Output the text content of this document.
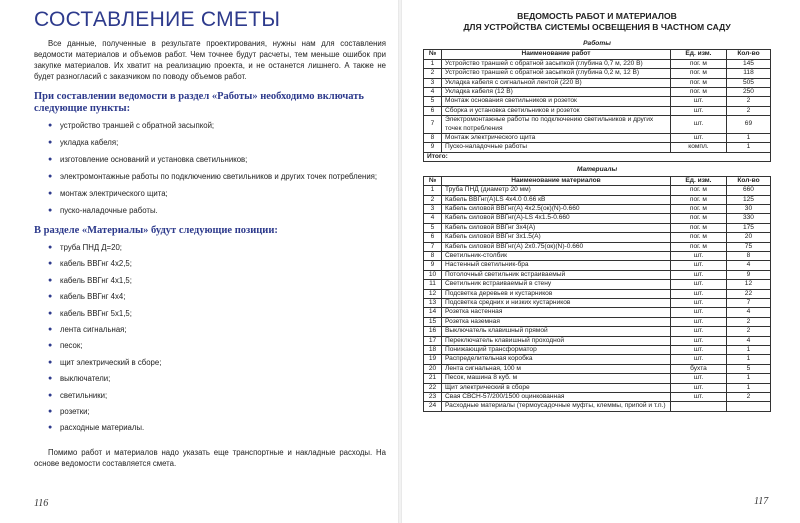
СОСТАВЛЕНИЕ СМЕТЫ

Все данные, полученные в результате проектирования, нужны нам для составления ведомости материалов и объемов работ. Чем точнее будут расчеты, тем меньше ошибок при закупке материалов. Их хватит на реализацию проекта, и не останется лишнего. А также не будет разногласий с заказчиком по поводу объемов работ.

При составлении ведомости в раздел «Работы» необходимо включать следующие пункты:
● устройство траншей с обратной засыпкой;
● укладка кабеля;
● изготовление оснований и установка светильников;
● электромонтажные работы по подключению светильников и других точек потребления;
● монтаж электрического щита;
● пуско-наладочные работы.
В разделе «Материалы» будут следующие позиции:
● труба ПНД Д=20;
● кабель ВВГнг 4х2,5;
● кабель ВВГнг 4х1,5;
● кабель ВВГнг 4х4;
● кабель ВВГнг 5х1,5;
● лента сигнальная;
● песок;
● щит электрический в сборе;
● выключатели;
● светильники;
● розетки;
● расходные материалы.

Помимо работ и материалов надо указать еще транспортные и накладные расходы. На основе ведомости составляется смета.

116
ВЕДОМОСТЬ РАБОТ И МАТЕРИАЛОВ
ДЛЯ УСТРОЙСТВА СИСТЕМЫ ОСВЕЩЕНИЯ В ЧАСТНОМ САДУ
Работы			
№	Наименование работ	Ед. изм.	Кол-во
1	Устройство траншей с обратной засыпкой (глубина 0,7 м, 220 В)	пог. м	145
2	Устройство траншей с обратной засыпкой (глубина 0,2 м, 12 В)	пог. м	118
3	Укладка кабеля с сигнальной лентой (220 В)	пог. м	505
4	Укладка кабеля (12 В)	пог. м	250
5	Монтаж основания светильников и розеток	шт.	2
6	Сборка и установка светильников и розеток	шт.	2
7	Электромонтажные работы по подключению светильников и других точек потребления	шт.	69
8	Монтаж электрического щита	шт.	1
9	Пуско-наладочные работы	компл.	1
Итого:			
Материалы			
№	Наименование материалов	Ед. изм.	Кол-во
1	Труба ПНД (диаметр 20 мм)	пог. м	660
2	Кабель ВВГнг(А)LS 4х4.0 0.66 кВ	пог. м	125
3	Кабель силовой ВВГнг(А) 4х2.5(ок)(N)-0.660	пог. м	30
4	Кабель силовой ВВГнг(А)-LS 4х1.5-0.660	пог. м	330
5	Кабель силовой ВВГнг 3х4(А)	пог. м	175
6	Кабель силовой ВВГнг 3х1.5(А)	пог. м	20
7	Кабель силовой ВВГнг(А) 2х0.75(ок)(N)-0.660	пог. м	75
8	Светильник-столбик	шт.	8
9	Настенный светильник-бра	шт.	4
10	Потолочный светильник встраиваемый	шт.	9
11	Светильник встраиваемый в стену	шт.	12
12	Подсветка деревьев и кустарников	шт.	22
13	Подсветка средних и низких кустарников	шт.	7
14	Розетка настенная	шт.	4
15	Розетка наземная	шт.	2
16	Выключатель клавишный прямой	шт.	2
17	Переключатель клавишный проходной	шт.	4
18	Понижающий трансформатор	шт.	1
19	Распределительная коробка	шт.	1
20	Лента сигнальная, 100 м	бухта	5
21	Песок, машина 8 куб. м	шт.	1
22	Щит электрический в сборе	шт.	1
23	Свая СВСН-57/200/1500 оцинкованная	шт.	2
24	Расходные материалы (термоусадочные муфты, клеммы, припой и т.п.)		
117
